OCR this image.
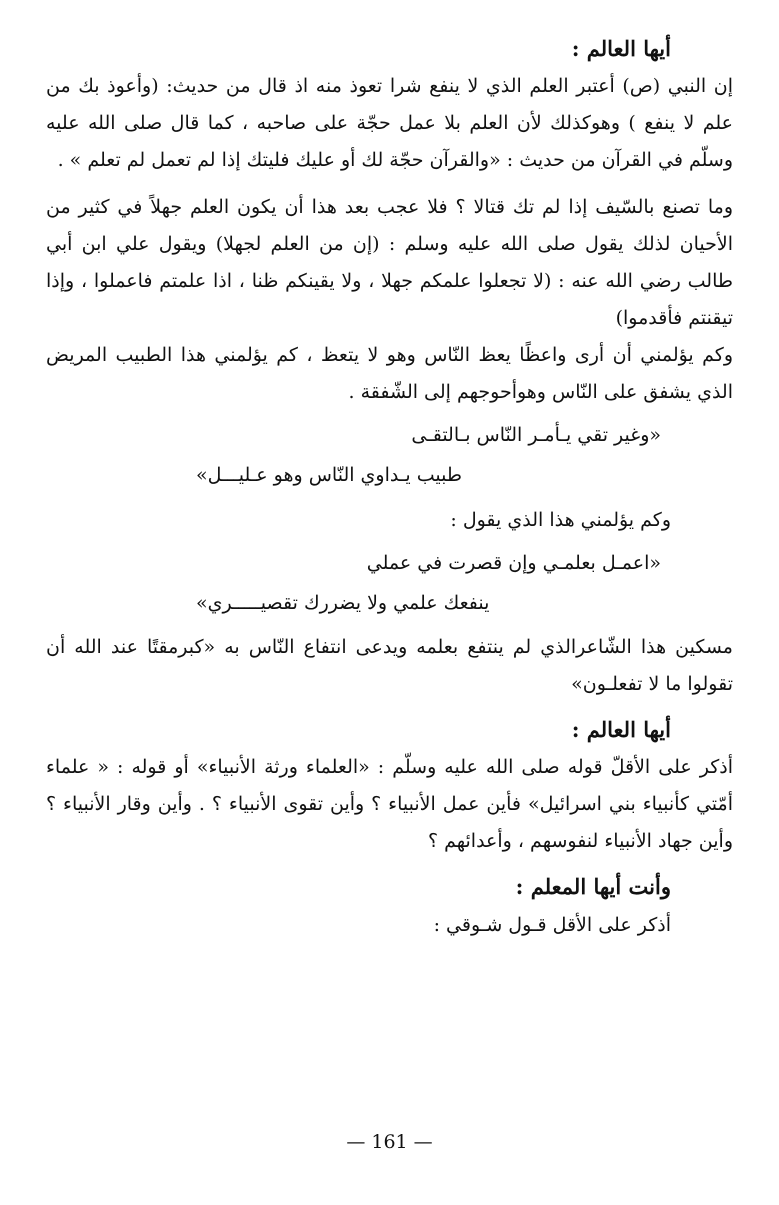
أيها العالم :

إن النبي (ص) أعتبر العلم الذي لا ينفع شرا تعوذ منه اذ قال من حديث: (وأعوذ بك من علم لا ينفع ) وهوكذلك لأن العلم بلا عمل حجّة على صاحبه ، كما قال صلى الله عليه وسلّم في القرآن من حديث : «والقرآن حجّة لك أو عليك فليتك إذا لم تعمل لم تعلم » .

وما تصنع بالسّيف إذا لم تك قتالا ؟ فلا عجب بعد هذا أن يكون العلم جهلاً في كثير من الأحيان لذلك يقول صلى الله عليه وسلم : (إن من العلم لجهلا) ويقول علي ابن أبي طالب رضي الله عنه : (لا تجعلوا علمكم جهلا ، ولا يقينكم ظنا ، اذا علمتم فاعملوا ، وإذا تيقنتم فأقدموا)

وكم يؤلمني أن أرى واعظًا يعظ النّاس وهو لا يتعظ ، كم يؤلمني هذا الطبيب المريض الذي يشفق على النّاس وهوأحوجهم إلى الشّفقة .

«وغير تقي يـأمـر النّاس بـالتقـى
طبيب يـداوي النّاس وهو عـليـــل»

وكم يؤلمني هذا الذي يقول :

«اعمـل بعلمـي وإن قصرت في عملي
ينفعك علمي ولا يضررك تقصيـــــري»

مسكين هذا الشّاعرالذي لم ينتفع بعلمه ويدعى انتفاع النّاس به «كبرمقتًا عند الله أن تقولوا ما لا تفعلـون»

أيها العالم :

أذكر على الأقلّ قوله صلى الله عليه وسلّم : «العلماء ورثة الأنبياء» أو قوله : « علماء أمّتي كأنبياء بني اسرائيل» فأين عمل الأنبياء ؟ وأين تقوى الأنبياء ؟ . وأين وقار الأنبياء ؟ وأين جهاد الأنبياء لنفوسهم ، وأعدائهم ؟

وأنت أيها المعلم :

أذكر على الأقل قـول شـوقي :

— 161 —
